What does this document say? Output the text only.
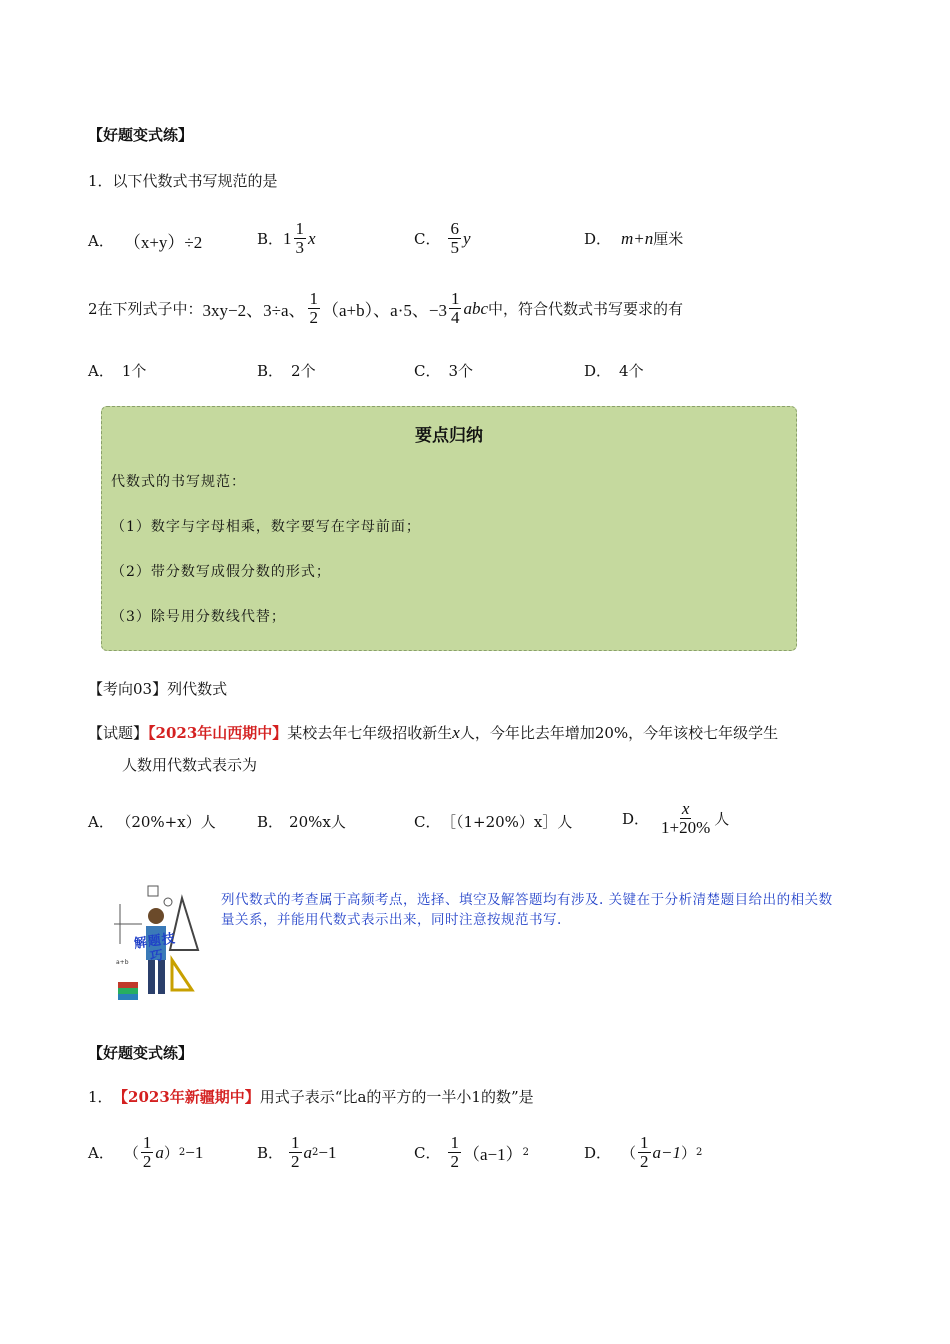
【好题变式练】
1．以下代数式书写规范的是
A． （x+y）÷2	B． $1 \frac{1}{3}$ x	C． $\frac{6}{5}$ y	D． m+n 厘米
2在下列式子中： 3xy−2、3÷a、 $\frac{1}{2} (a+b)$、a·5、$-3 \frac{1}{4}$ abc 中，符合代数式书写要求的有
A． 1个	B． 2个	C． 3个	D． 4个
要点归纳
代数式的书写规范：
（1）数字与字母相乘，数字要写在字母前面；
（2）带分数写成假分数的形式；
（3）除号用分数线代替；
【考向03】列代数式
【试题】【2023年山西期中】某校去年七年级招收新生x人，今年比去年增加20%，今年该校七年级学生
人数用代数式表示为
A． （20%+x）人	B． 20%x人	C． ［（1+20%）x］人	D． $\frac{x}{1+20\%}$ 人
a+b
解题技巧
列代数式的考查属于高频考点，选择、填空及解答题均有涉及. 关键在于分析清楚题目给出的相关数量关系，并能用代数式表示出来，同时注意按规范书写.
【好题变式练】
1． 【2023年新疆期中】用式子表示“比a的平方的一半小1的数”是
A． （ $\frac{1}{2}$ a ） 2 −1	B． $\frac{1}{2}$ a 2 −1	C． $\frac{1}{2} (a-1)$ 2	D． （ $\frac{1}{2} a-1$ ） 2
